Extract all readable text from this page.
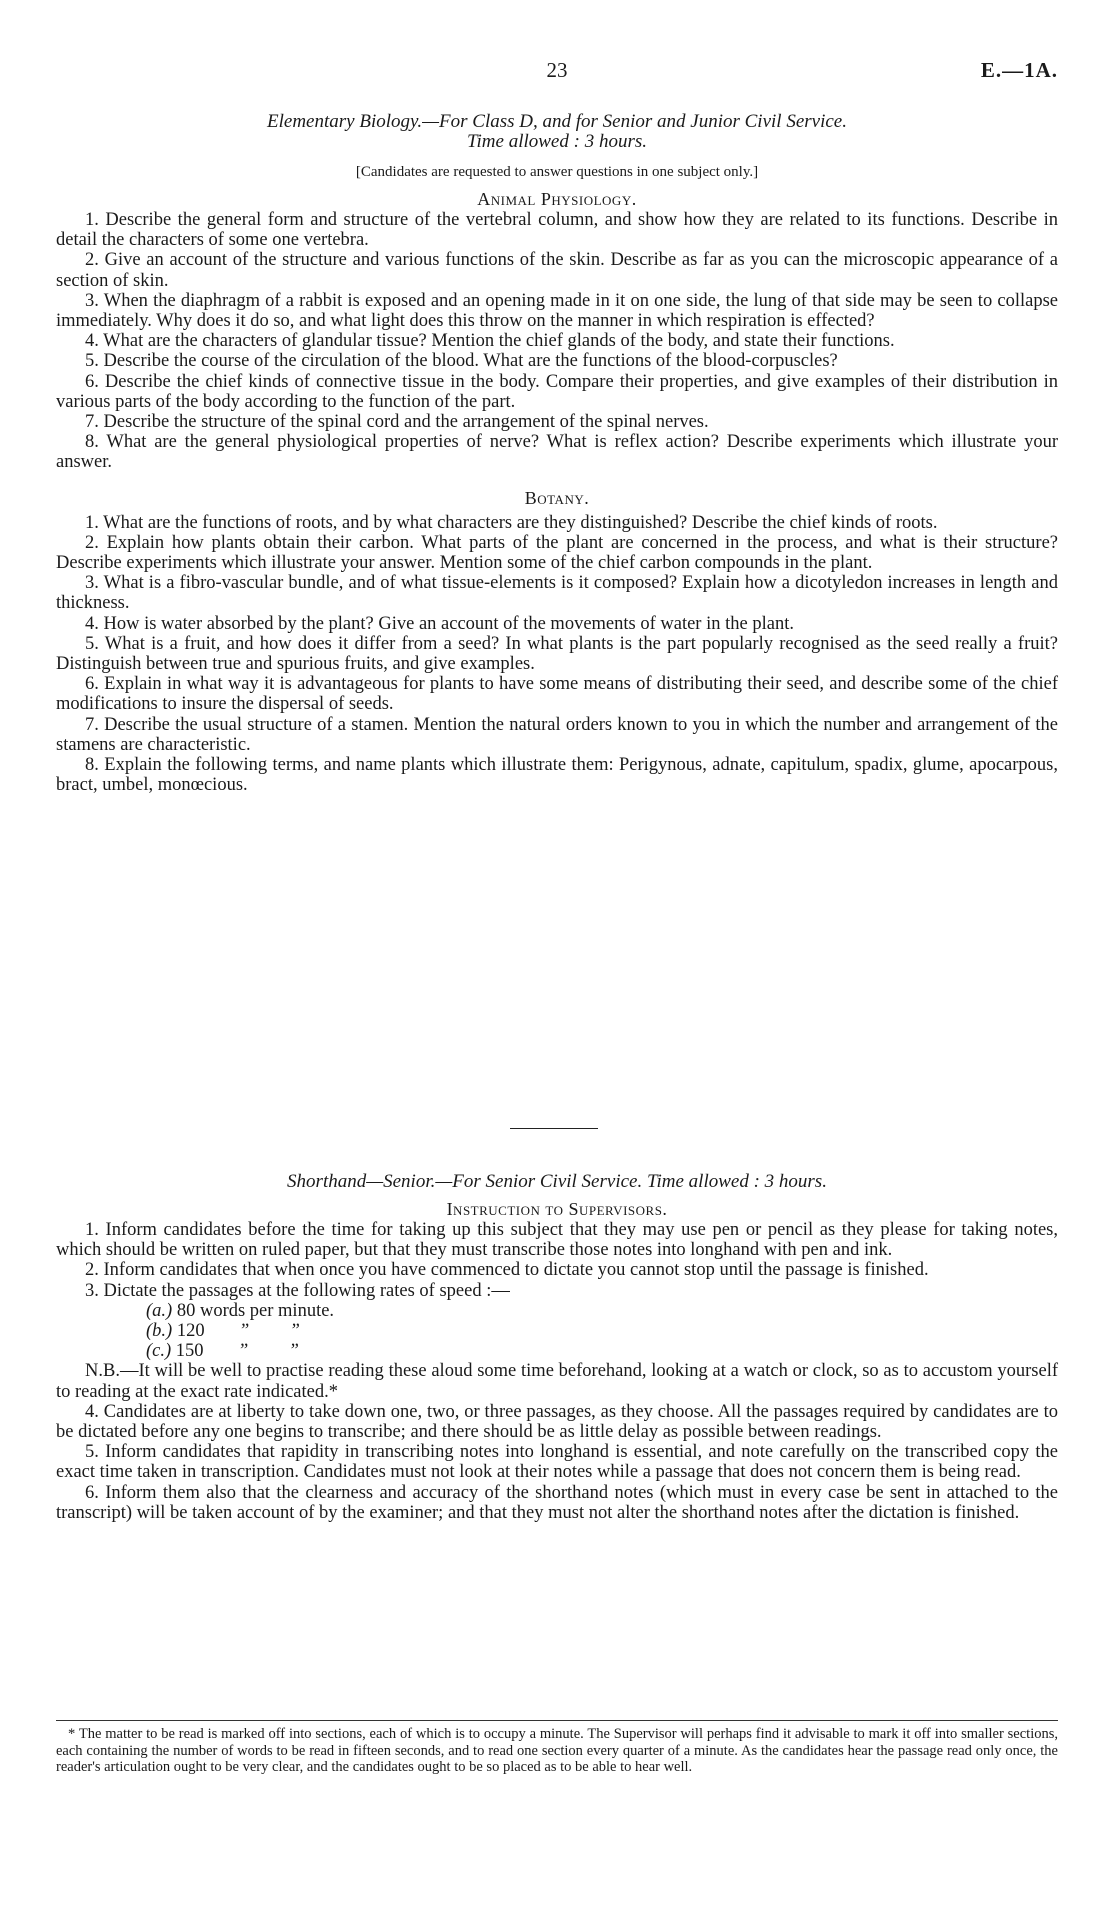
23	E.—1A.
Elementary Biology.—For Class D, and for Senior and Junior Civil Service.
Time allowed : 3 hours.
[Candidates are requested to answer questions in one subject only.]
Animal Physiology.

1. Describe the general form and structure of the vertebral column, and show how they are related to its functions. Describe in detail the characters of some one vertebra.

2. Give an account of the structure and various functions of the skin. Describe as far as you can the microscopic appearance of a section of skin.

3. When the diaphragm of a rabbit is exposed and an opening made in it on one side, the lung of that side may be seen to collapse immediately. Why does it do so, and what light does this throw on the manner in which respiration is effected?

4. What are the characters of glandular tissue? Mention the chief glands of the body, and state their functions.

5. Describe the course of the circulation of the blood. What are the functions of the blood-corpuscles?

6. Describe the chief kinds of connective tissue in the body. Compare their properties, and give examples of their distribution in various parts of the body according to the function of the part.

7. Describe the structure of the spinal cord and the arrangement of the spinal nerves.

8. What are the general physiological properties of nerve? What is reflex action? Describe experiments which illustrate your answer.

Botany.

1. What are the functions of roots, and by what characters are they distinguished? Describe the chief kinds of roots.

2. Explain how plants obtain their carbon. What parts of the plant are concerned in the process, and what is their structure? Describe experiments which illustrate your answer. Mention some of the chief carbon compounds in the plant.

3. What is a fibro-vascular bundle, and of what tissue-elements is it composed? Explain how a dicotyledon increases in length and thickness.

4. How is water absorbed by the plant? Give an account of the movements of water in the plant.

5. What is a fruit, and how does it differ from a seed? In what plants is the part popularly recognised as the seed really a fruit? Distinguish between true and spurious fruits, and give examples.

6. Explain in what way it is advantageous for plants to have some means of distributing their seed, and describe some of the chief modifications to insure the dispersal of seeds.

7. Describe the usual structure of a stamen. Mention the natural orders known to you in which the number and arrangement of the stamens are characteristic.

8. Explain the following terms, and name plants which illustrate them: Perigynous, adnate, capitulum, spadix, glume, apocarpous, bract, umbel, monœcious.

Shorthand—Senior.—For Senior Civil Service. Time allowed : 3 hours.
Instruction to Supervisors.

1. Inform candidates before the time for taking up this subject that they may use pen or pencil as they please for taking notes, which should be written on ruled paper, but that they must transcribe those notes into longhand with pen and ink.

2. Inform candidates that when once you have commenced to dictate you cannot stop until the passage is finished.

3. Dictate the passages at the following rates of speed :—

(a.) 80 words per minute.
(b.) 120 ” ”
(c.) 150 ” ”

N.B.—It will be well to practise reading these aloud some time beforehand, looking at a watch or clock, so as to accustom yourself to reading at the exact rate indicated.*

4. Candidates are at liberty to take down one, two, or three passages, as they choose. All the passages required by candidates are to be dictated before any one begins to transcribe; and there should be as little delay as possible between readings.

5. Inform candidates that rapidity in transcribing notes into longhand is essential, and note carefully on the transcribed copy the exact time taken in transcription. Candidates must not look at their notes while a passage that does not concern them is being read.

6. Inform them also that the clearness and accuracy of the shorthand notes (which must in every case be sent in attached to the transcript) will be taken account of by the examiner; and that they must not alter the shorthand notes after the dictation is finished.

* The matter to be read is marked off into sections, each of which is to occupy a minute. The Supervisor will perhaps find it advisable to mark it off into smaller sections, each containing the number of words to be read in fifteen seconds, and to read one section every quarter of a minute. As the candidates hear the passage read only once, the reader's articulation ought to be very clear, and the candidates ought to be so placed as to be able to hear well.
